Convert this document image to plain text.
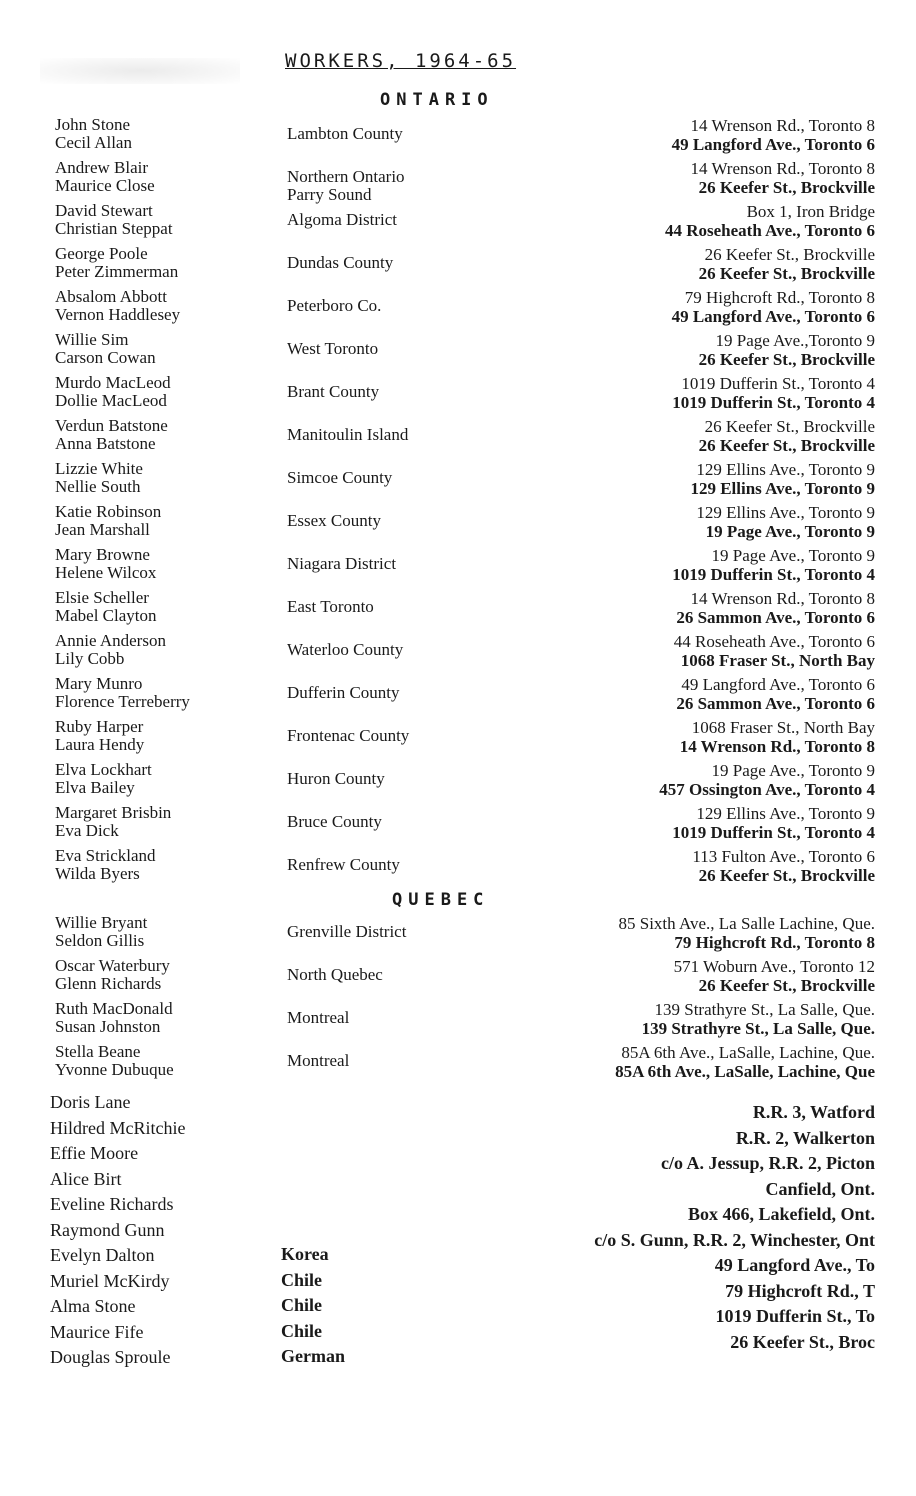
WORKERS, 1964-65
ONTARIO
QUEBEC
John Stone
Cecil Allan
Andrew Blair
Maurice Close
David Stewart
Christian Steppat
George Poole
Peter Zimmerman
Absalom Abbott
Vernon Haddlesey
Willie Sim
Carson Cowan
Murdo MacLeod
Dollie MacLeod
Verdun Batstone
Anna Batstone
Lizzie White
Nellie South
Katie Robinson
Jean Marshall
Mary Browne
Helene Wilcox
Elsie Scheller
Mabel Clayton
Annie Anderson
Lily Cobb
Mary Munro
Florence Terreberry
Ruby Harper
Laura Hendy
Elva Lockhart
Elva Bailey
Margaret Brisbin
Eva Dick
Eva Strickland
Wilda Byers
Lambton County
Northern Ontario
Parry Sound
Algoma District
Dundas County
Peterboro Co.
West Toronto
Brant County
Manitoulin Island
Simcoe County
Essex County
Niagara District
East Toronto
Waterloo County
Dufferin County
Frontenac County
Huron County
Bruce County
Renfrew County
14 Wrenson Rd., Toronto 8
49 Langford Ave., Toronto 6
14 Wrenson Rd., Toronto 8
26 Keefer St., Brockville
Box 1, Iron Bridge
44 Roseheath Ave., Toronto 6
26 Keefer St., Brockville
26 Keefer St., Brockville
79 Highcroft Rd., Toronto 8
49 Langford Ave., Toronto 6
19 Page Ave.,Toronto 9
26 Keefer St., Brockville
1019 Dufferin St., Toronto 4
1019 Dufferin St., Toronto 4
26 Keefer St., Brockville
26 Keefer St., Brockville
129 Ellins Ave., Toronto 9
129 Ellins Ave., Toronto 9
129 Ellins Ave., Toronto 9
19 Page Ave., Toronto 9
19 Page Ave., Toronto 9
1019 Dufferin St., Toronto 4
14 Wrenson Rd., Toronto 8
26 Sammon Ave., Toronto 6
44 Roseheath Ave., Toronto 6
1068 Fraser St., North Bay
49 Langford Ave., Toronto 6
26 Sammon Ave., Toronto 6
1068 Fraser St., North Bay
14 Wrenson Rd., Toronto 8
19 Page Ave., Toronto 9
457 Ossington Ave., Toronto 4
129 Ellins Ave., Toronto 9
1019 Dufferin St., Toronto 4
113 Fulton Ave., Toronto 6
26 Keefer St., Brockville
Willie Bryant
Seldon Gillis
Oscar Waterbury
Glenn Richards
Ruth MacDonald
Susan Johnston
Stella Beane
Yvonne Dubuque
Grenville District
North Quebec
Montreal
Montreal
85 Sixth Ave., La Salle Lachine, Que.
79 Highcroft Rd., Toronto 8
571 Woburn Ave., Toronto 12
26 Keefer St., Brockville
139 Strathyre St., La Salle, Que.
139 Strathyre St., La Salle, Que.
85A 6th Ave., LaSalle, Lachine, Que.
85A 6th Ave., LaSalle, Lachine, Que
Doris Lane
Hildred McRitchie
Effie Moore
Alice Birt
Eveline Richards
Raymond Gunn
Evelyn Dalton
Muriel McKirdy
Alma Stone
Maurice Fife
Douglas Sproule
Korea
Chile
Chile
Chile
German
R.R. 3, Watford
R.R. 2, Walkerton
c/o A. Jessup, R.R. 2, Picton
Canfield, Ont.
Box 466, Lakefield, Ont.
c/o S. Gunn, R.R. 2, Winchester, Ont
49 Langford Ave., To
79 Highcroft Rd., T
1019 Dufferin St., To
26 Keefer St., Broc
